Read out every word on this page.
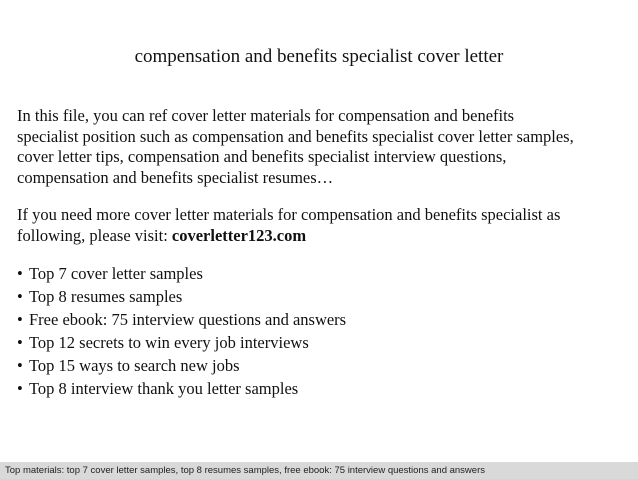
compensation and benefits specialist cover letter
In this file, you can ref cover letter materials for compensation and benefits
specialist position such as compensation and benefits specialist cover letter samples,
cover letter tips, compensation and benefits specialist interview questions,
compensation and benefits specialist resumes…
If you need more cover letter materials for compensation and benefits specialist as
following, please visit: coverletter123.com
• Top 7 cover letter samples
• Top 8 resumes samples
• Free ebook: 75 interview questions and answers
• Top 12 secrets to win every job interviews
• Top 15 ways to search new jobs
• Top 8 interview thank you letter samples
Top materials: top 7 cover letter samples, top 8 resumes samples, free ebook: 75 interview questions and answers
